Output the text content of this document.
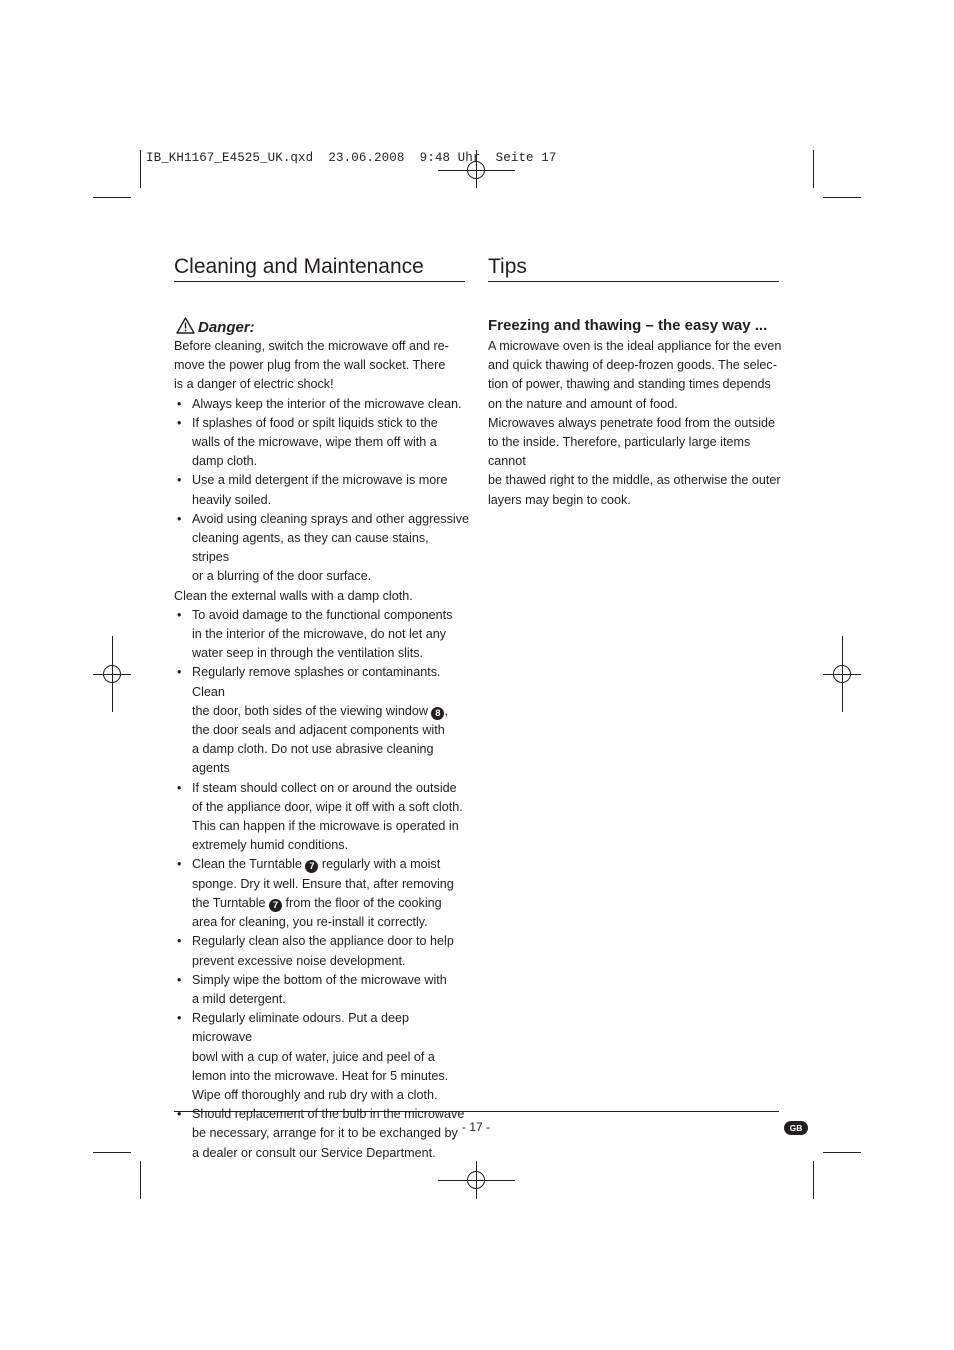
IB_KH1167_E4525_UK.qxd  23.06.2008  9:48 Uhr  Seite 17
Cleaning and Maintenance	Tips
Danger:

Before cleaning, switch the microwave off and re-
move the power plug from the wall socket. There
is a danger of electric shock!

• Always keep the interior of the microwave clean.
• If splashes of food or spilt liquids stick to the
walls of the microwave, wipe them off with a
damp cloth.
• Use a mild detergent if the microwave is more
heavily soiled.
• Avoid using cleaning sprays and other aggressive
cleaning agents, as they can cause stains, stripes
or a blurring of the door surface.

Clean the external walls with a damp cloth.

• To avoid damage to the functional components
in the interior of the microwave, do not let any
water seep in through the ventilation slits.
• Regularly remove splashes or contaminants. Clean
the door, both sides of the viewing window 8 ,
the door seals and adjacent components with
a damp cloth. Do not use abrasive cleaning
agents
• If steam should collect on or around the outside
of the appliance door, wipe it off with a soft cloth.
This can happen if the microwave is operated in
extremely humid conditions.
• Clean the Turntable 7 regularly with a moist
sponge. Dry it well. Ensure that, after removing
the Turntable 7 from the floor of the cooking
area for cleaning, you re-install it correctly.
• Regularly clean also the appliance door to help
prevent excessive noise development.
• Simply wipe the bottom of the microwave with
a mild detergent.
• Regularly eliminate odours. Put a deep microwave
bowl with a cup of water, juice and peel of a
lemon into the microwave. Heat for 5 minutes.
Wipe off thoroughly and rub dry with a cloth.
• Should replacement of the bulb in the microwave
be necessary, arrange for it to be exchanged by
a dealer or consult our Service Department.
Freezing and thawing – the easy way ...

A microwave oven is the ideal appliance for the even
and quick thawing of deep-frozen goods. The selec-
tion of power, thawing and standing times depends
on the nature and amount of food.
Microwaves always penetrate food from the outside
to the inside. Therefore, particularly large items cannot
be thawed right to the middle, as otherwise the outer
layers may begin to cook.

- 17 -	GB
